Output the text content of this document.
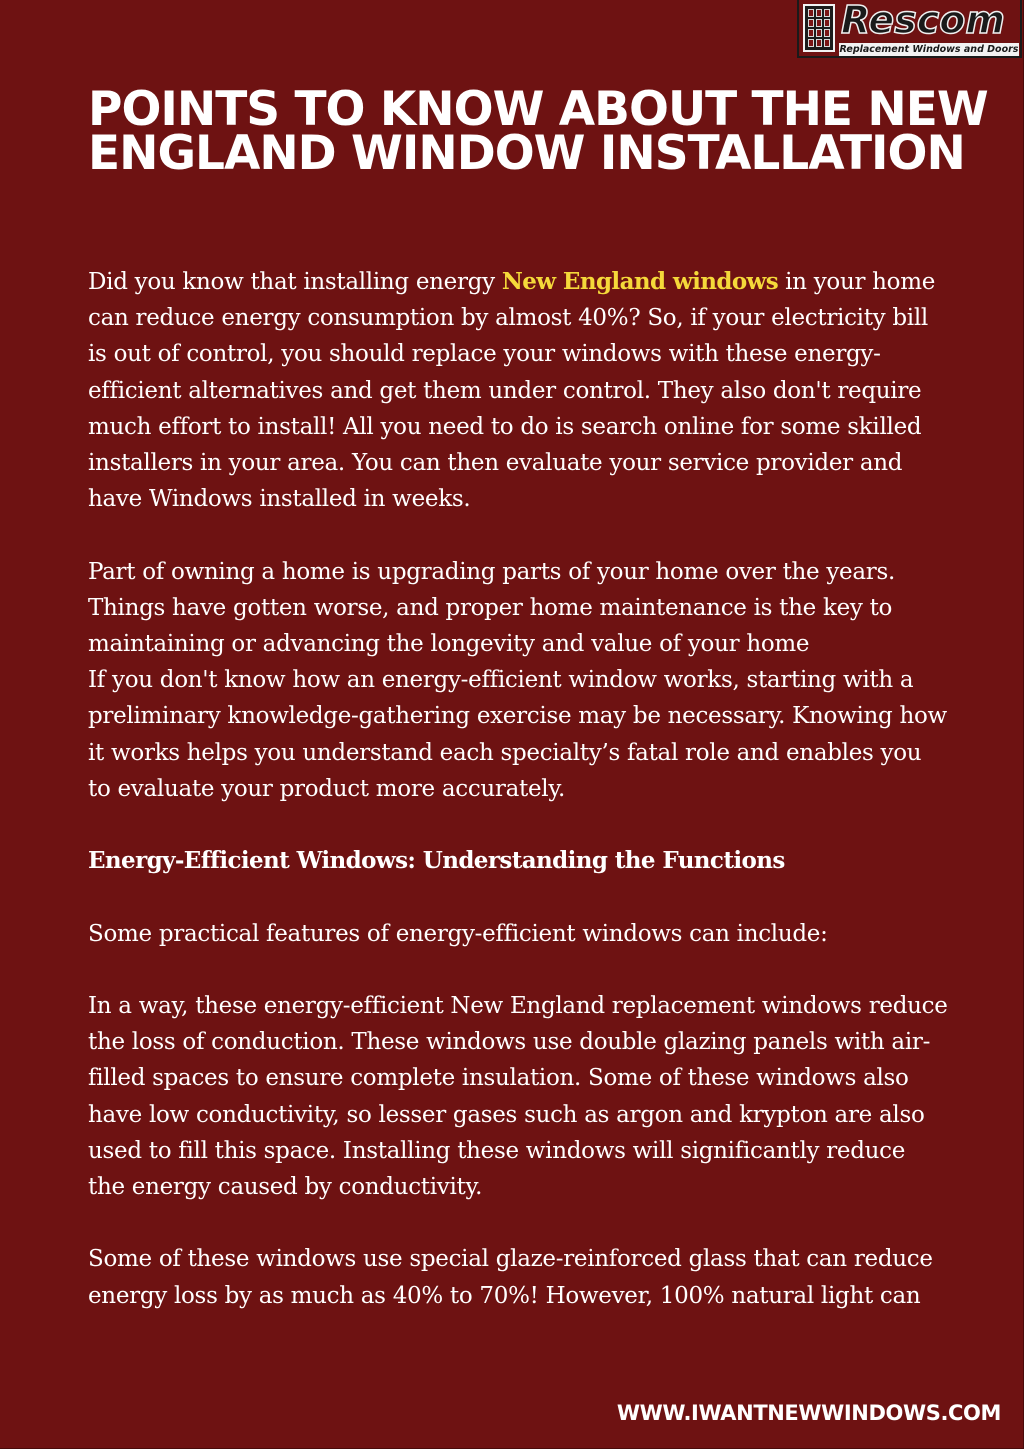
Rescom
Replacement Windows and Doors
POINTS TO KNOW ABOUT THE NEW ENGLAND WINDOW INSTALLATION

Did you know that installing energy New England windows in your home can reduce energy consumption by almost 40%? So, if your electricity bill is out of control, you should replace your windows with these energy-efficient alternatives and get them under control. They also don't require much effort to install! All you need to do is search online for some skilled installers in your area. You can then evaluate your service provider and have Windows installed in weeks.

Part of owning a home is upgrading parts of your home over the years. Things have gotten worse, and proper home maintenance is the key to maintaining or advancing the longevity and value of your home

If you don't know how an energy-efficient window works, starting with a preliminary knowledge-gathering exercise may be necessary. Knowing how it works helps you understand each specialty’s fatal role and enables you to evaluate your product more accurately.

Energy-Efficient Windows: Understanding the Functions

Some practical features of energy-efficient windows can include:

In a way, these energy-efficient New England replacement windows reduce the loss of conduction. These windows use double glazing panels with air-filled spaces to ensure complete insulation. Some of these windows also have low conductivity, so lesser gases such as argon and krypton are also used to fill this space. Installing these windows will significantly reduce the energy caused by conductivity.

Some of these windows use special glaze-reinforced glass that can reduce energy loss by as much as 40% to 70%! However, 100% natural light can

WWW.IWANTNEWWINDOWS.COM
